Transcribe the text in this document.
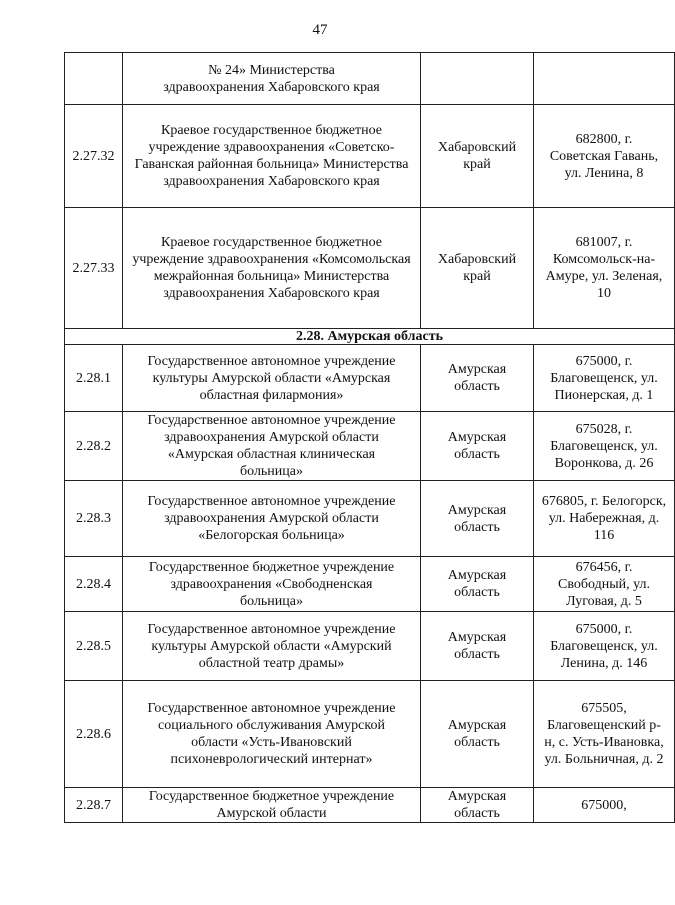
47
	№ 24» Министерства здравоохранения Хабаровского края		
2.27.32	Краевое государственное бюджетное учреждение здравоохранения «Советско-Гаванская районная больница» Министерства здравоохранения Хабаровского края	Хабаровский край	682800, г. Советская Гавань, ул. Ленина, 8
2.27.33	Краевое государственное бюджетное учреждение здравоохранения «Комсомольская межрайонная больница» Министерства здравоохранения Хабаровского края	Хабаровский край	681007, г. Комсомольск-на-Амуре, ул. Зеленая, 10
2.28. Амурская область			
2.28.1	Государственное автономное учреждение культуры Амурской области «Амурская областная филармония»	Амурская область	675000, г. Благовещенск, ул. Пионерская, д. 1
2.28.2	Государственное автономное учреждение здравоохранения Амурской области «Амурская областная клиническая больница»	Амурская область	675028, г. Благовещенск, ул. Воронкова, д. 26
2.28.3	Государственное автономное учреждение здравоохранения Амурской области «Белогорская больница»	Амурская область	676805, г. Белогорск, ул. Набережная, д. 116
2.28.4	Государственное бюджетное учреждение здравоохранения «Свободненская больница»	Амурская область	676456, г. Свободный, ул. Луговая, д. 5
2.28.5	Государственное автономное учреждение культуры Амурской области «Амурский областной театр драмы»	Амурская область	675000, г. Благовещенск, ул. Ленина, д. 146
2.28.6	Государственное автономное учреждение социального обслуживания Амурской области «Усть-Ивановский психоневрологический интернат»	Амурская область	675505, Благовещенский р-н, с. Усть-Ивановка, ул. Больничная, д. 2
2.28.7	Государственное бюджетное учреждение Амурской области	Амурская область	675000,
